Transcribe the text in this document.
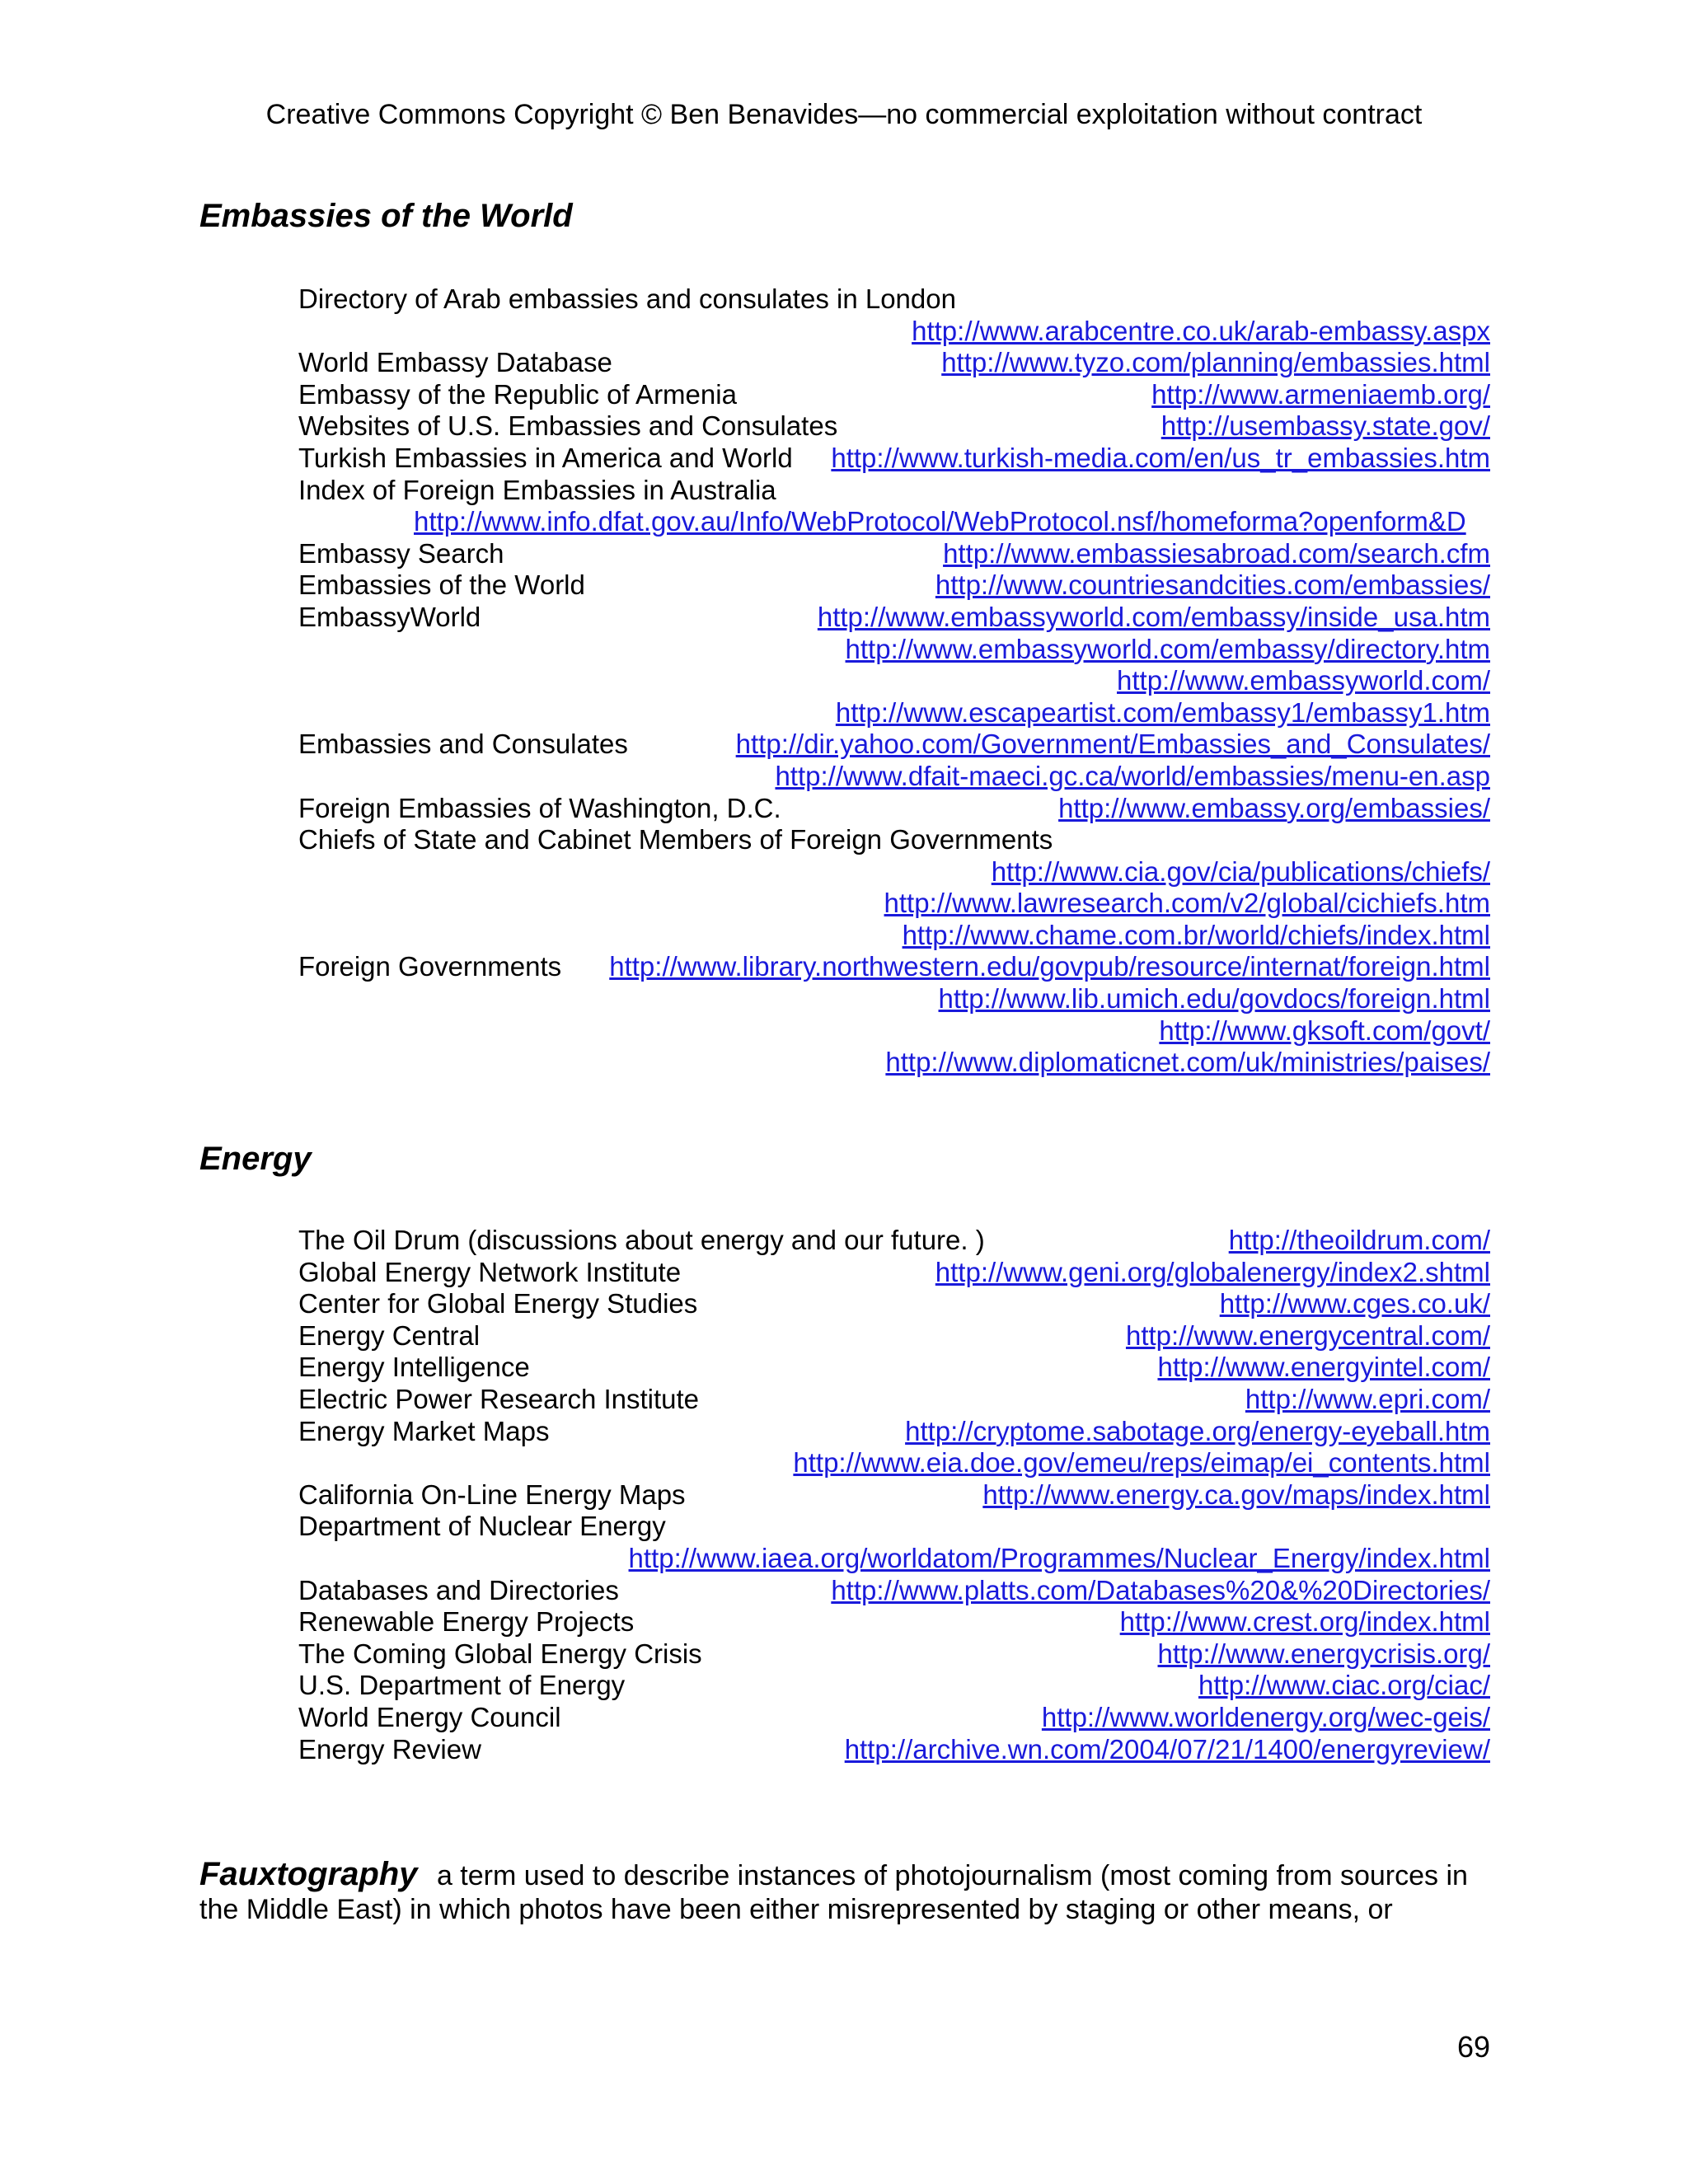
Creative Commons Copyright © Ben Benavides—no commercial exploitation without contract
Embassies of the World
Directory of Arab embassies and consulates in London
http://www.arabcentre.co.uk/arab-embassy.aspx
World Embassy Database	http://www.tyzo.com/planning/embassies.html
Embassy of the Republic of Armenia	http://www.armeniaemb.org/
Websites of U.S. Embassies and Consulates	http://usembassy.state.gov/
Turkish Embassies in America and World http://www.turkish-media.com/en/us_tr_embassies.htm
Index of Foreign Embassies in Australia
http://www.info.dfat.gov.au/Info/WebProtocol/WebProtocol.nsf/homeforma?openform&D
Embassy Search	http://www.embassiesabroad.com/search.cfm
Embassies of the World	http://www.countriesandcities.com/embassies/
EmbassyWorld	http://www.embassyworld.com/embassy/inside_usa.htm
http://www.embassyworld.com/embassy/directory.htm
http://www.embassyworld.com/
http://www.escapeartist.com/embassy1/embassy1.htm
Embassies and Consulates	http://dir.yahoo.com/Government/Embassies_and_Consulates/
http://www.dfait-maeci.gc.ca/world/embassies/menu-en.asp
Foreign Embassies of Washington, D.C.	http://www.embassy.org/embassies/
Chiefs of State and Cabinet Members of Foreign Governments
http://www.cia.gov/cia/publications/chiefs/
http://www.lawresearch.com/v2/global/cichiefs.htm
http://www.chame.com.br/world/chiefs/index.html
Foreign Governments http://www.library.northwestern.edu/govpub/resource/internat/foreign.html
http://www.lib.umich.edu/govdocs/foreign.html
http://www.gksoft.com/govt/
http://www.diplomaticnet.com/uk/ministries/paises/
Energy
The Oil Drum (discussions about energy and our future. )	http://theoildrum.com/
Global Energy Network Institute	http://www.geni.org/globalenergy/index2.shtml
Center for Global Energy Studies	http://www.cges.co.uk/
Energy Central	http://www.energycentral.com/
Energy Intelligence	http://www.energyintel.com/
Electric Power Research Institute	http://www.epri.com/
Energy Market Maps	http://cryptome.sabotage.org/energy-eyeball.htm
http://www.eia.doe.gov/emeu/reps/eimap/ei_contents.html
California On-Line Energy Maps	http://www.energy.ca.gov/maps/index.html
Department of Nuclear Energy
http://www.iaea.org/worldatom/Programmes/Nuclear_Energy/index.html
Databases and Directories	http://www.platts.com/Databases%20&%20Directories/
Renewable Energy Projects	http://www.crest.org/index.html
The Coming Global Energy Crisis	http://www.energycrisis.org/
U.S. Department of Energy	http://www.ciac.org/ciac/
World Energy Council	http://www.worldenergy.org/wec-geis/
Energy Review	http://archive.wn.com/2004/07/21/1400/energyreview/
Fauxtography a term used to describe instances of photojournalism (most coming from sources in the Middle East) in which photos have been either misrepresented by staging or other means, or
69
